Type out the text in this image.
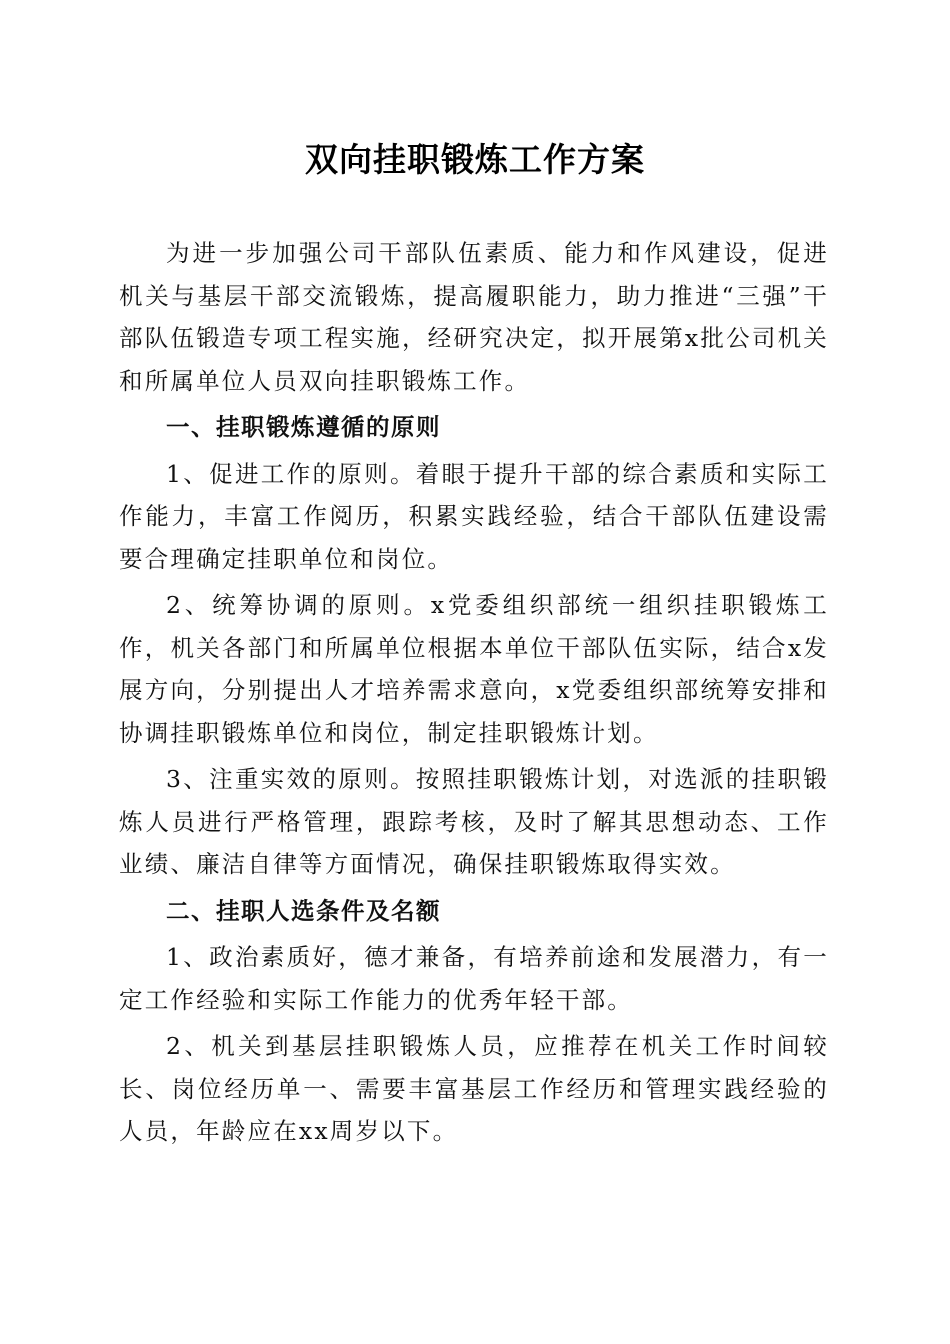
双向挂职锻炼工作方案

为进一步加强公司干部队伍素质、能力和作风建设，促进机关与基层干部交流锻炼，提高履职能力，助力推进“三强”干部队伍锻造专项工程实施，经研究决定，拟开展第x批公司机关和所属单位人员双向挂职锻炼工作。

一、挂职锻炼遵循的原则

1、促进工作的原则。着眼于提升干部的综合素质和实际工作能力，丰富工作阅历，积累实践经验，结合干部队伍建设需要合理确定挂职单位和岗位。

2、统筹协调的原则。x党委组织部统一组织挂职锻炼工作，机关各部门和所属单位根据本单位干部队伍实际，结合x发展方向，分别提出人才培养需求意向，x党委组织部统筹安排和协调挂职锻炼单位和岗位，制定挂职锻炼计划。

3、注重实效的原则。按照挂职锻炼计划，对选派的挂职锻炼人员进行严格管理，跟踪考核，及时了解其思想动态、工作业绩、廉洁自律等方面情况，确保挂职锻炼取得实效。

二、挂职人选条件及名额

1、政治素质好，德才兼备，有培养前途和发展潜力，有一定工作经验和实际工作能力的优秀年轻干部。

2、机关到基层挂职锻炼人员，应推荐在机关工作时间较长、岗位经历单一、需要丰富基层工作经历和管理实践经验的人员，年龄应在xx周岁以下。
